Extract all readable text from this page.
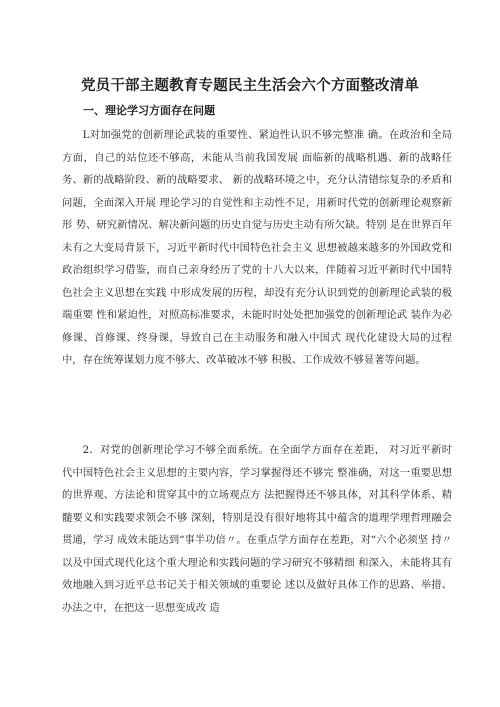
党员干部主题教育专题民主生活会六个方面整改清单
一、理论学习方面存在问题

L对加强党的创新理论武装的重要性、紧迫性认识不够完整准 确。在政治和全局方面，自己的站位还不够高，未能从当前我国发展 面临新的战略机遇、新的战略任务、新的战略阶段、新的战略要求、 新的战略环境之中，充分认清错综复杂的矛盾和问题，全面深入开展 理论学习的自觉性和主动性不足，用新时代党的创新理论观察新形 势、研究新情况、解决新问题的历史自觉与历史主动有所欠缺。特别 是在世界百年未有之大变局背景下，习近平新时代中国特色社会主义 思想被越来越多的外国政党和政治组织学习借鉴，而自己亲身经历了党的十八大以来，伴随着习近平新时代中国特色社会主义思想在实践 中形成发展的历程，却没有充分认识到党的创新理论武装的极端重要 性和紧迫性，对照高标准要求，未能时时处处把加强党的创新理论武 装作为必修课、首修课、终身课，导致自己在主动服务和融入中国式 现代化建设大局的过程中，存在统筹谋划力度不够大、改革破冰不够 积极、工作成效不够显著等问题。

2．对党的创新理论学习不够全面系统。在全面学方面存在差距， 对习近平新时代中国特色社会主义思想的主要内容，学习掌握得还不够完 整准确，对这一重要思想的世界观、方法论和贯穿其中的立场观点方 法把握得还不够具体，对其科学体系、精髓要义和实践要求领会不够 深刻，特别是没有很好地将其中蕴含的道理学理哲理融会贯通，学习 成效未能达到“事半功倍〃。在重点学方面存在差距，对“六个必须坚 持〃以及中国式现代化这个重大理论和实践问题的学习研究不够精细 和深入，未能将其有效地融入到习近平总书记关于相关领域的重要论 述以及做好具体工作的思路、举措、办法之中，在把这一思想变成改 造
